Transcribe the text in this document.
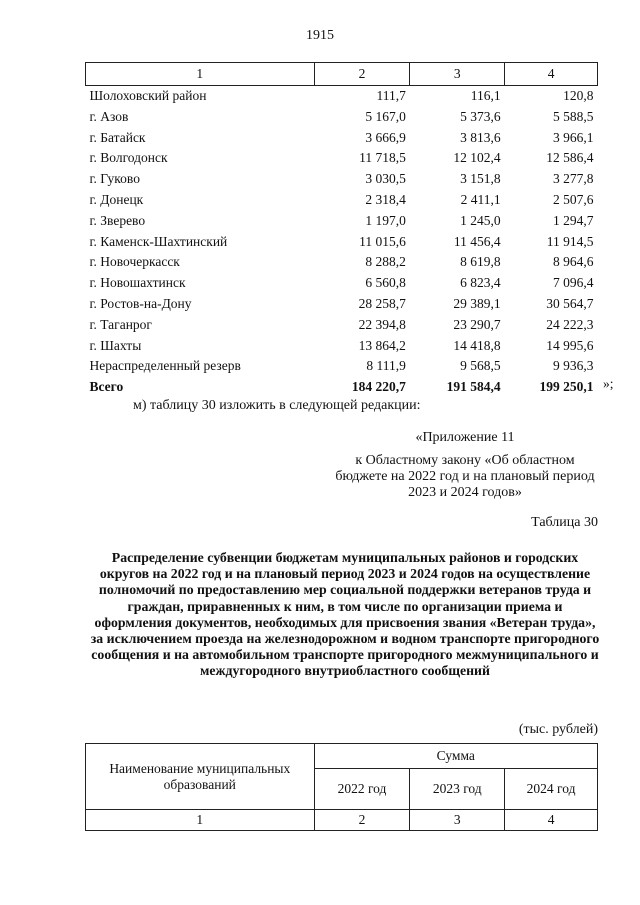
1915
1	2	3	4
Шолоховский район	111,7	116,1	120,8
г. Азов	5 167,0	5 373,6	5 588,5
г. Батайск	3 666,9	3 813,6	3 966,1
г. Волгодонск	11 718,5	12 102,4	12 586,4
г. Гуково	3 030,5	3 151,8	3 277,8
г. Донецк	2 318,4	2 411,1	2 507,6
г. Зверево	1 197,0	1 245,0	1 294,7
г. Каменск-Шахтинский	11 015,6	11 456,4	11 914,5
г. Новочеркасск	8 288,2	8 619,8	8 964,6
г. Новошахтинск	6 560,8	6 823,4	7 096,4
г. Ростов-на-Дону	28 258,7	29 389,1	30 564,7
г. Таганрог	22 394,8	23 290,7	24 222,3
г. Шахты	13 864,2	14 418,8	14 995,6
Нераспределенный резерв	8 111,9	9 568,5	9 936,3
Всего	184 220,7	191 584,4	199 250,1 »;
м) таблицу 30 изложить в следующей редакции:
«Приложение 11
к Областному закону «Об областном бюджете на 2022 год и на плановый период 2023 и 2024 годов»
Таблица 30
Распределение субвенции бюджетам муниципальных районов и городских округов на 2022 год и на плановый период 2023 и 2024 годов на осуществление полномочий по предоставлению мер социальной поддержки ветеранов труда и граждан, приравненных к ним, в том числе по организации приема и оформления документов, необходимых для присвоения звания «Ветеран труда», за исключением проезда на железнодорожном и водном транспорте пригородного сообщения и на автомобильном транспорте пригородного межмуниципального и междугородного внутриобластного сообщений
(тыс. рублей)
Наименование муниципальных образований	Сумма		
	2022 год	2023 год	2024 год
1	2	3	4
